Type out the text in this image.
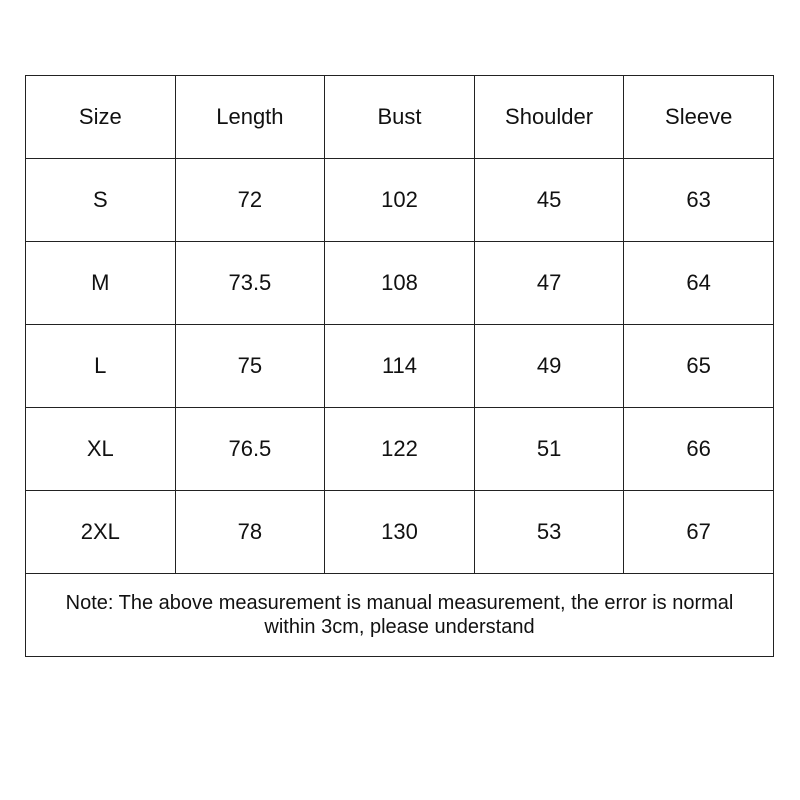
Size	Length	Bust	Shoulder	Sleeve
S	72	102	45	63
M	73.5	108	47	64
L	75	114	49	65
XL	76.5	122	51	66
2XL	78	130	53	67
Note: The above measurement is manual measurement, the error is normal within 3cm, please understand				
